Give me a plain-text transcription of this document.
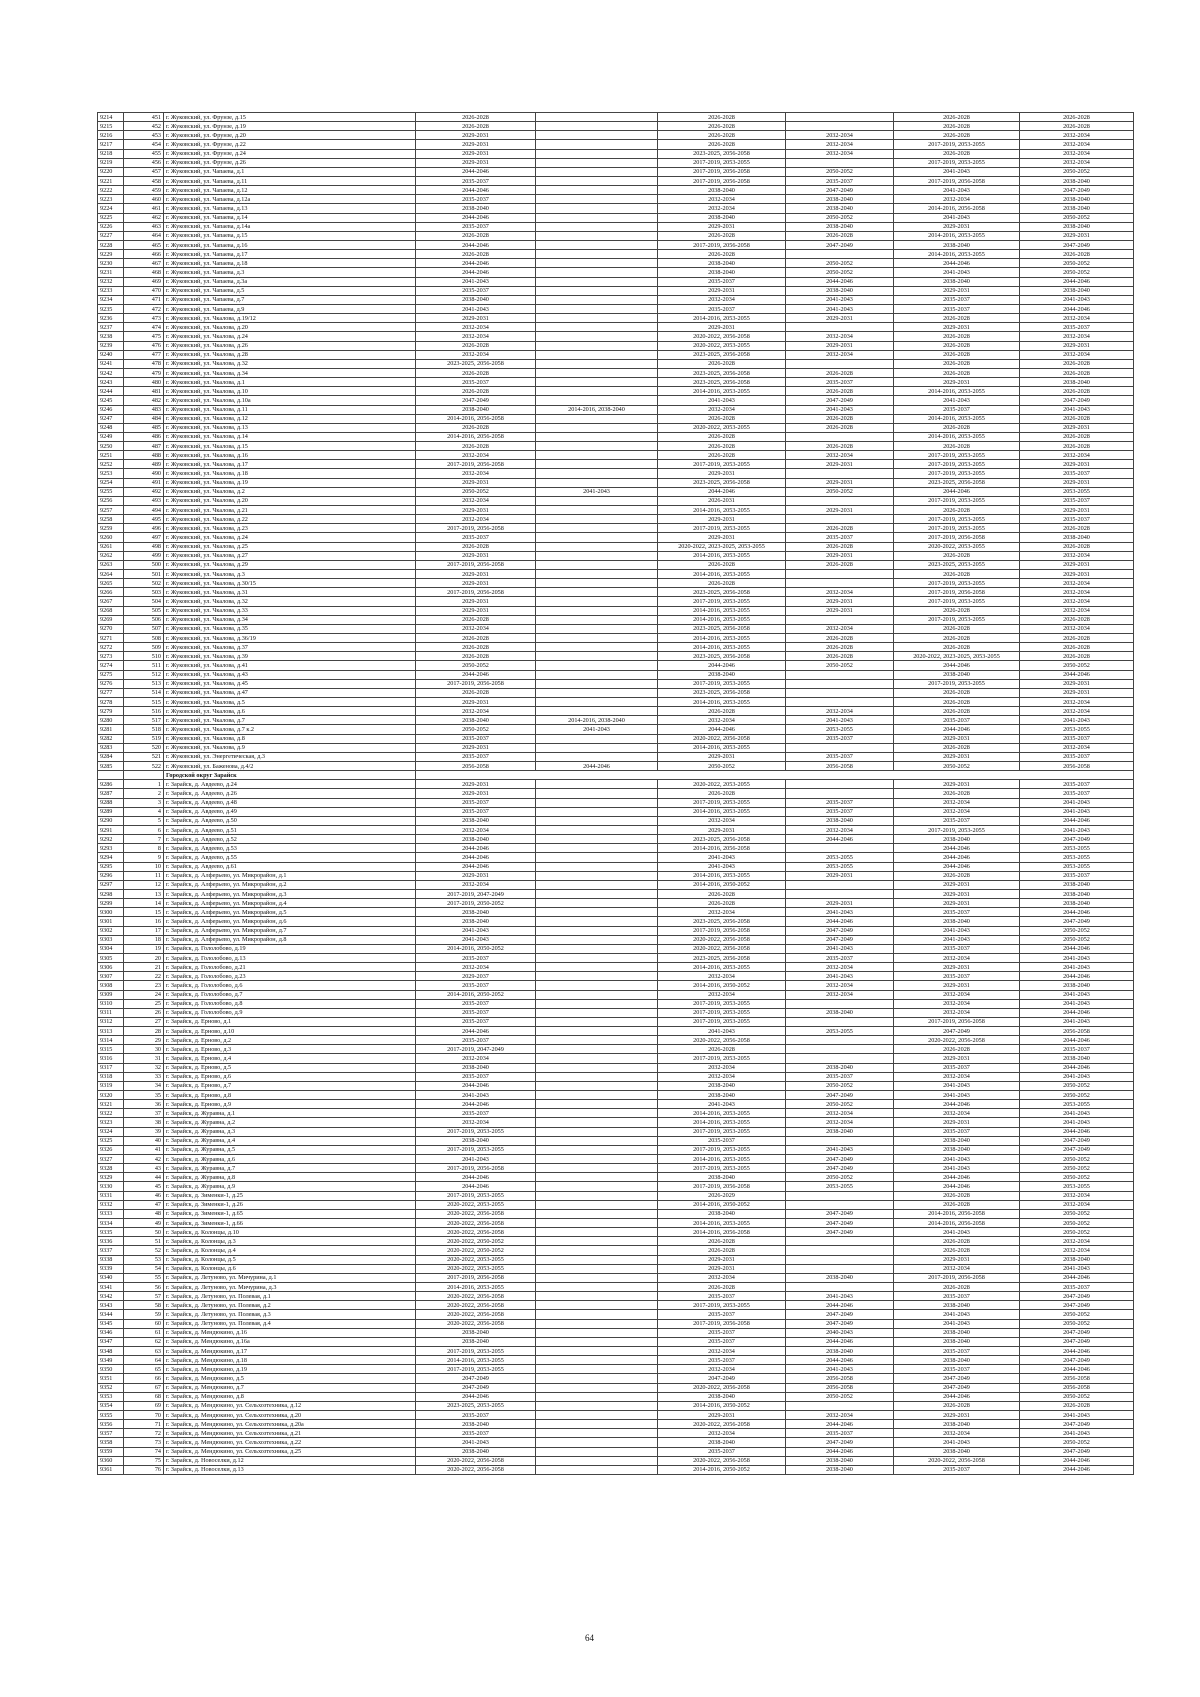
9214	451	г. Жуковский, ул. Фрунзе, д.15	2026-2028		2026-2028		2026-2028	2026-2028
9215	452	г. Жуковский, ул. Фрунзе, д.19	2026-2028		2026-2028		2026-2028	2026-2028
9216	453	г. Жуковский, ул. Фрунзе, д.20	2029-2031		2026-2028	2032-2034	2026-2028	2032-2034
9217	454	г. Жуковский, ул. Фрунзе, д.22	2029-2031		2026-2028	2032-2034	2017-2019, 2053-2055	2032-2034
9218	455	г. Жуковский, ул. Фрунзе, д.24	2029-2031		2023-2025, 2056-2058	2032-2034	2026-2028	2032-2034
9219	456	г. Жуковский, ул. Фрунзе, д.26	2029-2031		2017-2019, 2053-2055		2017-2019, 2053-2055	2032-2034
9220	457	г. Жуковский, ул. Чапаева, д.1	2044-2046		2017-2019, 2056-2058	2050-2052	2041-2043	2050-2052
9221	458	г. Жуковский, ул. Чапаева, д.11	2035-2037		2017-2019, 2056-2058	2035-2037	2017-2019, 2056-2058	2038-2040
9222	459	г. Жуковский, ул. Чапаева, д.12	2044-2046		2038-2040	2047-2049	2041-2043	2047-2049
9223	460	г. Жуковский, ул. Чапаева, д.12а	2035-2037		2032-2034	2038-2040	2032-2034	2038-2040
9224	461	г. Жуковский, ул. Чапаева, д.13	2038-2040		2032-2034	2038-2040	2014-2016, 2056-2058	2038-2040
9225	462	г. Жуковский, ул. Чапаева, д.14	2044-2046		2038-2040	2050-2052	2041-2043	2050-2052
9226	463	г. Жуковский, ул. Чапаева, д.14а	2035-2037		2029-2031	2038-2040	2029-2031	2038-2040
9227	464	г. Жуковский, ул. Чапаева, д.15	2026-2028		2026-2028	2026-2028	2014-2016, 2053-2055	2029-2031
9228	465	г. Жуковский, ул. Чапаева, д.16	2044-2046		2017-2019, 2056-2058	2047-2049	2038-2040	2047-2049
9229	466	г. Жуковский, ул. Чапаева, д.17	2026-2028		2026-2028		2014-2016, 2053-2055	2026-2028
9230	467	г. Жуковский, ул. Чапаева, д.18	2044-2046		2038-2040	2050-2052	2044-2046	2050-2052
9231	468	г. Жуковский, ул. Чапаева, д.3	2044-2046		2038-2040	2050-2052	2041-2043	2050-2052
9232	469	г. Жуковский, ул. Чапаева, д.3а	2041-2043		2035-2037	2044-2046	2038-2040	2044-2046
9233	470	г. Жуковский, ул. Чапаева, д.5	2035-2037		2029-2031	2038-2040	2029-2031	2038-2040
9234	471	г. Жуковский, ул. Чапаева, д.7	2038-2040		2032-2034	2041-2043	2035-2037	2041-2043
9235	472	г. Жуковский, ул. Чапаева, д.9	2041-2043		2035-2037	2041-2043	2035-2037	2044-2046
9236	473	г. Жуковский, ул. Чкалова, д.19/12	2029-2031		2014-2016, 2053-2055	2029-2031	2026-2028	2032-2034
9237	474	г. Жуковский, ул. Чкалова, д.20	2032-2034		2029-2031		2029-2031	2035-2037
9238	475	г. Жуковский, ул. Чкалова, д.24	2032-2034		2020-2022, 2056-2058	2032-2034	2026-2028	2032-2034
9239	476	г. Жуковский, ул. Чкалова, д.26	2026-2028		2020-2022, 2053-2055	2029-2031	2026-2028	2029-2031
9240	477	г. Жуковский, ул. Чкалова, д.28	2032-2034		2023-2025, 2056-2058	2032-2034	2026-2028	2032-2034
9241	478	г. Жуковский, ул. Чкалова, д.32	2023-2025, 2056-2058		2026-2028		2026-2028	2026-2028
9242	479	г. Жуковский, ул. Чкалова, д.34	2026-2028		2023-2025, 2056-2058	2026-2028	2026-2028	2026-2028
9243	480	г. Жуковский, ул. Чкалова, д.1	2035-2037		2023-2025, 2056-2058	2035-2037	2029-2031	2038-2040
9244	481	г. Жуковский, ул. Чкалова, д.10	2026-2028		2014-2016, 2053-2055	2026-2028	2014-2016, 2053-2055	2026-2028
9245	482	г. Жуковский, ул. Чкалова, д.10а	2047-2049		2041-2043	2047-2049	2041-2043	2047-2049
9246	483	г. Жуковский, ул. Чкалова, д.11	2038-2040	2014-2016, 2038-2040	2032-2034	2041-2043	2035-2037	2041-2043
9247	484	г. Жуковский, ул. Чкалова, д.12	2014-2016, 2056-2058		2026-2028	2026-2028	2014-2016, 2053-2055	2026-2028
9248	485	г. Жуковский, ул. Чкалова, д.13	2026-2028		2020-2022, 2053-2055	2026-2028	2026-2028	2029-2031
9249	486	г. Жуковский, ул. Чкалова, д.14	2014-2016, 2056-2058		2026-2028		2014-2016, 2053-2055	2026-2028
9250	487	г. Жуковский, ул. Чкалова, д.15	2026-2028		2026-2028	2026-2028	2026-2028	2026-2028
9251	488	г. Жуковский, ул. Чкалова, д.16	2032-2034		2026-2028	2032-2034	2017-2019, 2053-2055	2032-2034
9252	489	г. Жуковский, ул. Чкалова, д.17	2017-2019, 2056-2058		2017-2019, 2053-2055	2029-2031	2017-2019, 2053-2055	2029-2031
9253	490	г. Жуковский, ул. Чкалова, д.18	2032-2034		2029-2031		2017-2019, 2053-2055	2035-2037
9254	491	г. Жуковский, ул. Чкалова, д.19	2029-2031		2023-2025, 2056-2058	2029-2031	2023-2025, 2056-2058	2029-2031
9255	492	г. Жуковский, ул. Чкалова, д.2	2050-2052	2041-2043	2044-2046	2050-2052	2044-2046	2053-2055
9256	493	г. Жуковский, ул. Чкалова, д.20	2032-2034		2026-2031		2017-2019, 2053-2055	2035-2037
9257	494	г. Жуковский, ул. Чкалова, д.21	2029-2031		2014-2016, 2053-2055	2029-2031	2026-2028	2029-2031
9258	495	г. Жуковский, ул. Чкалова, д.22	2032-2034		2029-2031		2017-2019, 2053-2055	2035-2037
9259	496	г. Жуковский, ул. Чкалова, д.23	2017-2019, 2056-2058		2017-2019, 2053-2055	2026-2028	2017-2019, 2053-2055	2026-2028
9260	497	г. Жуковский, ул. Чкалова, д.24	2035-2037		2029-2031	2035-2037	2017-2019, 2056-2058	2038-2040
9261	498	г. Жуковский, ул. Чкалова, д.25	2026-2028		2020-2022, 2023-2025, 2053-2055	2026-2028	2020-2022, 2053-2055	2026-2028
9262	499	г. Жуковский, ул. Чкалова, д.27	2029-2031		2014-2016, 2053-2055	2029-2031	2026-2028	2032-2034
9263	500	г. Жуковский, ул. Чкалова, д.29	2017-2019, 2056-2058		2026-2028	2026-2028	2023-2025, 2053-2055	2029-2031
9264	501	г. Жуковский, ул. Чкалова, д.3	2029-2031		2014-2016, 2053-2055		2026-2028	2029-2031
9265	502	г. Жуковский, ул. Чкалова, д.30/15	2029-2031		2026-2028		2017-2019, 2053-2055	2032-2034
9266	503	г. Жуковский, ул. Чкалова, д.31	2017-2019, 2056-2058		2023-2025, 2056-2058	2032-2034	2017-2019, 2056-2058	2032-2034
9267	504	г. Жуковский, ул. Чкалова, д.32	2029-2031		2017-2019, 2053-2055	2029-2031	2017-2019, 2053-2055	2032-2034
9268	505	г. Жуковский, ул. Чкалова, д.33	2029-2031		2014-2016, 2053-2055	2029-2031	2026-2028	2032-2034
9269	506	г. Жуковский, ул. Чкалова, д.34	2026-2028		2014-2016, 2053-2055		2017-2019, 2053-2055	2026-2028
9270	507	г. Жуковский, ул. Чкалова, д.35	2032-2034		2023-2025, 2056-2058	2032-2034	2026-2028	2032-2034
9271	508	г. Жуковский, ул. Чкалова, д.36/19	2026-2028		2014-2016, 2053-2055	2026-2028	2026-2028	2026-2028
9272	509	г. Жуковский, ул. Чкалова, д.37	2026-2028		2014-2016, 2053-2055	2026-2028	2026-2028	2026-2028
9273	510	г. Жуковский, ул. Чкалова, д.39	2026-2028		2023-2025, 2056-2058	2026-2028	2020-2022, 2023-2025, 2053-2055	2026-2028
9274	511	г. Жуковский, ул. Чкалова, д.41	2050-2052		2044-2046	2050-2052	2044-2046	2050-2052
9275	512	г. Жуковский, ул. Чкалова, д.43	2044-2046		2038-2040		2038-2040	2044-2046
9276	513	г. Жуковский, ул. Чкалова, д.45	2017-2019, 2056-2058		2017-2019, 2053-2055		2017-2019, 2053-2055	2029-2031
9277	514	г. Жуковский, ул. Чкалова, д.47	2026-2028		2023-2025, 2056-2058		2026-2028	2029-2031
9278	515	г. Жуковский, ул. Чкалова, д.5	2029-2031		2014-2016, 2053-2055		2026-2028	2032-2034
9279	516	г. Жуковский, ул. Чкалова, д.6	2032-2034		2026-2028	2032-2034	2026-2028	2032-2034
9280	517	г. Жуковский, ул. Чкалова, д.7	2038-2040	2014-2016, 2038-2040	2032-2034	2041-2043	2035-2037	2041-2043
9281	518	г. Жуковский, ул. Чкалова, д.7 к.2	2050-2052	2041-2043	2044-2046	2053-2055	2044-2046	2053-2055
9282	519	г. Жуковский, ул. Чкалова, д.8	2035-2037		2020-2022, 2056-2058	2035-2037	2029-2031	2035-2037
9283	520	г. Жуковский, ул. Чкалова, д.9	2029-2031		2014-2016, 2053-2055		2026-2028	2032-2034
9284	521	г. Жуковский, ул. Энергетическая, д.3	2035-2037		2029-2031	2035-2037	2029-2031	2035-2037
9285	522	г. Жуковский, ул. Баженова, д.4/2	2056-2058	2044-2046	2050-2052	2056-2058	2050-2052	2056-2058
		Городской округ Зарайск						
9286	1	г. Зарайск, д. Авдеево, д.24	2029-2031		2020-2022, 2053-2055		2029-2031	2035-2037
9287	2	г. Зарайск, д. Авдеево, д.26	2029-2031		2026-2028		2026-2028	2035-2037
9288	3	г. Зарайск, д. Авдеево, д.48	2035-2037		2017-2019, 2053-2055	2035-2037	2032-2034	2041-2043
9289	4	г. Зарайск, д. Авдеево, д.49	2035-2037		2014-2016, 2053-2055	2035-2037	2032-2034	2041-2043
9290	5	г. Зарайск, д. Авдеево, д.50	2038-2040		2032-2034	2038-2040	2035-2037	2044-2046
9291	6	г. Зарайск, д. Авдеево, д.51	2032-2034		2029-2031	2032-2034	2017-2019, 2053-2055	2041-2043
9292	7	г. Зарайск, д. Авдеево, д.52	2038-2040		2023-2025, 2056-2058	2044-2046	2038-2040	2047-2049
9293	8	г. Зарайск, д. Авдеево, д.53	2044-2046		2014-2016, 2056-2058		2044-2046	2053-2055
9294	9	г. Зарайск, д. Авдеево, д.55	2044-2046		2041-2043	2053-2055	2044-2046	2053-2055
9295	10	г. Зарайск, д. Авдеево, д.61	2044-2046		2041-2043	2053-2055	2044-2046	2053-2055
9296	11	г. Зарайск, д. Алферьево, ул. Микрорайон, д.1	2029-2031		2014-2016, 2053-2055	2029-2031	2026-2028	2035-2037
9297	12	г. Зарайск, д. Алферьево, ул. Микрорайон, д.2	2032-2034		2014-2016, 2050-2052		2029-2031	2038-2040
9298	13	г. Зарайск, д. Алферьево, ул. Микрорайон, д.3	2017-2019, 2047-2049		2026-2028		2029-2031	2038-2040
9299	14	г. Зарайск, д. Алферьево, ул. Микрорайон, д.4	2017-2019, 2050-2052		2026-2028	2029-2031	2029-2031	2038-2040
9300	15	г. Зарайск, д. Алферьево, ул. Микрорайон, д.5	2038-2040		2032-2034	2041-2043	2035-2037	2044-2046
9301	16	г. Зарайск, д. Алферьево, ул. Микрорайон, д.6	2038-2040		2023-2025, 2056-2058	2044-2046	2038-2040	2047-2049
9302	17	г. Зарайск, д. Алферьево, ул. Микрорайон, д.7	2041-2043		2017-2019, 2056-2058	2047-2049	2041-2043	2050-2052
9303	18	г. Зарайск, д. Алферьево, ул. Микрорайон, д.8	2041-2043		2020-2022, 2056-2058	2047-2049	2041-2043	2050-2052
9304	19	г. Зарайск, д. Гололобово, д.19	2014-2016, 2050-2052		2020-2022, 2056-2058	2041-2043	2035-2037	2044-2046
9305	20	г. Зарайск, д. Гололобово, д.13	2035-2037		2023-2025, 2056-2058	2035-2037	2032-2034	2041-2043
9306	21	г. Зарайск, д. Гололобово, д.21	2032-2034		2014-2016, 2053-2055	2032-2034	2029-2031	2041-2043
9307	22	г. Зарайск, д. Гололобово, д.23	2029-2037		2032-2034	2041-2043	2035-2037	2044-2046
9308	23	г. Зарайск, д. Гололобово, д.6	2035-2037		2014-2016, 2050-2052	2032-2034	2029-2031	2038-2040
9309	24	г. Зарайск, д. Гололобово, д.7	2014-2016, 2050-2052		2032-2034	2032-2034	2032-2034	2041-2043
9310	25	г. Зарайск, д. Гололобово, д.8	2035-2037		2017-2019, 2053-2055		2032-2034	2041-2043
9311	26	г. Зарайск, д. Гололобово, д.9	2035-2037		2017-2019, 2053-2055	2038-2040	2032-2034	2044-2046
9312	27	г. Зарайск, д. Ерново, д.1	2035-2037		2017-2019, 2053-2055		2017-2019, 2056-2058	2041-2043
9313	28	г. Зарайск, д. Ерново, д.10	2044-2046		2041-2043	2053-2055	2047-2049	2056-2058
9314	29	г. Зарайск, д. Ерново, д.2	2035-2037		2020-2022, 2056-2058		2020-2022, 2056-2058	2044-2046
9315	30	г. Зарайск, д. Ерново, д.3	2017-2019, 2047-2049		2026-2028		2026-2028	2035-2037
9316	31	г. Зарайск, д. Ерново, д.4	2032-2034		2017-2019, 2053-2055		2029-2031	2038-2040
9317	32	г. Зарайск, д. Ерново, д.5	2038-2040		2032-2034	2038-2040	2035-2037	2044-2046
9318	33	г. Зарайск, д. Ерново, д.6	2035-2037		2032-2034	2035-2037	2032-2034	2041-2043
9319	34	г. Зарайск, д. Ерново, д.7	2044-2046		2038-2040	2050-2052	2041-2043	2050-2052
9320	35	г. Зарайск, д. Ерново, д.8	2041-2043		2038-2040	2047-2049	2041-2043	2050-2052
9321	36	г. Зарайск, д. Ерново, д.9	2044-2046		2041-2043	2050-2052	2044-2046	2053-2055
9322	37	г. Зарайск, д. Журавна, д.1	2035-2037		2014-2016, 2053-2055	2032-2034	2032-2034	2041-2043
9323	38	г. Зарайск, д. Журавна, д.2	2032-2034		2014-2016, 2053-2055	2032-2034	2029-2031	2041-2043
9324	39	г. Зарайск, д. Журавна, д.3	2017-2019, 2053-2055		2017-2019, 2053-2055	2038-2040	2035-2037	2044-2046
9325	40	г. Зарайск, д. Журавна, д.4	2038-2040		2035-2037		2038-2040	2047-2049
9326	41	г. Зарайск, д. Журавна, д.5	2017-2019, 2053-2055		2017-2019, 2053-2055	2041-2043	2038-2040	2047-2049
9327	42	г. Зарайск, д. Журавна, д.6	2041-2043		2014-2016, 2053-2055	2047-2049	2041-2043	2050-2052
9328	43	г. Зарайск, д. Журавна, д.7	2017-2019, 2056-2058		2017-2019, 2053-2055	2047-2049	2041-2043	2050-2052
9329	44	г. Зарайск, д. Журавна, д.8	2044-2046		2038-2040	2050-2052	2044-2046	2050-2052
9330	45	г. Зарайск, д. Журавна, д.9	2044-2046		2017-2019, 2056-2058	2053-2055	2044-2046	2053-2055
9331	46	г. Зарайск, д. Зименки-1, д.25	2017-2019, 2053-2055		2026-2029		2026-2028	2032-2034
9332	47	г. Зарайск, д. Зименки-1, д.26	2020-2022, 2053-2055		2014-2016, 2050-2052		2026-2028	2032-2034
9333	48	г. Зарайск, д. Зименки-1, д.65	2020-2022, 2056-2058		2038-2040	2047-2049	2014-2016, 2056-2058	2050-2052
9334	49	г. Зарайск, д. Зименки-1, д.66	2020-2022, 2056-2058		2014-2016, 2053-2055	2047-2049	2014-2016, 2056-2058	2050-2052
9335	50	г. Зарайск, д. Колонцы, д.10	2020-2022, 2056-2058		2014-2016, 2056-2058	2047-2049	2041-2043	2050-2052
9336	51	г. Зарайск, д. Колонцы, д.3	2020-2022, 2050-2052		2026-2028		2026-2028	2032-2034
9337	52	г. Зарайск, д. Колонцы, д.4	2020-2022, 2050-2052		2026-2028		2026-2028	2032-2034
9338	53	г. Зарайск, д. Колонцы, д.5	2020-2022, 2053-2055		2029-2031		2029-2031	2038-2040
9339	54	г. Зарайск, д. Колонцы, д.6	2020-2022, 2053-2055		2029-2031		2032-2034	2041-2043
9340	55	г. Зарайск, д. Летуново, ул. Мичурина, д.1	2017-2019, 2056-2058		2032-2034	2038-2040	2017-2019, 2056-2058	2044-2046
9341	56	г. Зарайск, д. Летуново, ул. Мичурина, д.3	2014-2016, 2053-2055		2026-2028		2026-2028	2035-2037
9342	57	г. Зарайск, д. Летуново, ул. Полевая, д.1	2020-2022, 2056-2058		2035-2037	2041-2043	2035-2037	2047-2049
9343	58	г. Зарайск, д. Летуново, ул. Полевая, д.2	2020-2022, 2056-2058		2017-2019, 2053-2055	2044-2046	2038-2040	2047-2049
9344	59	г. Зарайск, д. Летуново, ул. Полевая, д.3	2020-2022, 2056-2058		2035-2037	2047-2049	2041-2043	2050-2052
9345	60	г. Зарайск, д. Летуново, ул. Полевая, д.4	2020-2022, 2056-2058		2017-2019, 2056-2058	2047-2049	2041-2043	2050-2052
9346	61	г. Зарайск, д. Мендюкино, д.16	2038-2040		2035-2037	2040-2043	2038-2040	2047-2049
9347	62	г. Зарайск, д. Мендюкино, д.16а	2038-2040		2035-2037	2044-2046	2038-2040	2047-2049
9348	63	г. Зарайск, д. Мендюкино, д.17	2017-2019, 2053-2055		2032-2034	2038-2040	2035-2037	2044-2046
9349	64	г. Зарайск, д. Мендюкино, д.18	2014-2016, 2053-2055		2035-2037	2044-2046	2038-2040	2047-2049
9350	65	г. Зарайск, д. Мендюкино, д.19	2017-2019, 2053-2055		2032-2034	2041-2043	2035-2037	2044-2046
9351	66	г. Зарайск, д. Мендюкино, д.5	2047-2049		2047-2049	2056-2058	2047-2049	2056-2058
9352	67	г. Зарайск, д. Мендюкино, д.7	2047-2049		2020-2022, 2056-2058	2056-2058	2047-2049	2056-2058
9353	68	г. Зарайск, д. Мендюкино, д.8	2044-2046		2038-2040	2050-2052	2044-2046	2050-2052
9354	69	г. Зарайск, д. Мендюкино, ул. Сельхозтехника, д.12	2023-2025, 2053-2055		2014-2016, 2050-2052		2026-2028	2026-2028
9355	70	г. Зарайск, д. Мендюкино, ул. Сельхозтехника, д.20	2035-2037		2029-2031	2032-2034	2029-2031	2041-2043
9356	71	г. Зарайск, д. Мендюкино, ул. Сельхозтехника, д.20а	2038-2040		2020-2022, 2056-2058	2044-2046	2038-2040	2047-2049
9357	72	г. Зарайск, д. Мендюкино, ул. Сельхозтехника, д.21	2035-2037		2032-2034	2035-2037	2032-2034	2041-2043
9358	73	г. Зарайск, д. Мендюкино, ул. Сельхозтехника, д.22	2041-2043		2038-2040	2047-2049	2041-2043	2050-2052
9359	74	г. Зарайск, д. Мендюкино, ул. Сельхозтехника, д.25	2038-2040		2035-2037	2044-2046	2038-2040	2047-2049
9360	75	г. Зарайск, д. Новоселки, д.12	2020-2022, 2056-2058		2020-2022, 2056-2058	2038-2040	2020-2022, 2056-2058	2044-2046
9361	76	г. Зарайск, д. Новоселки, д.13	2020-2022, 2056-2058		2014-2016, 2050-2052	2038-2040	2035-2037	2044-2046
64
